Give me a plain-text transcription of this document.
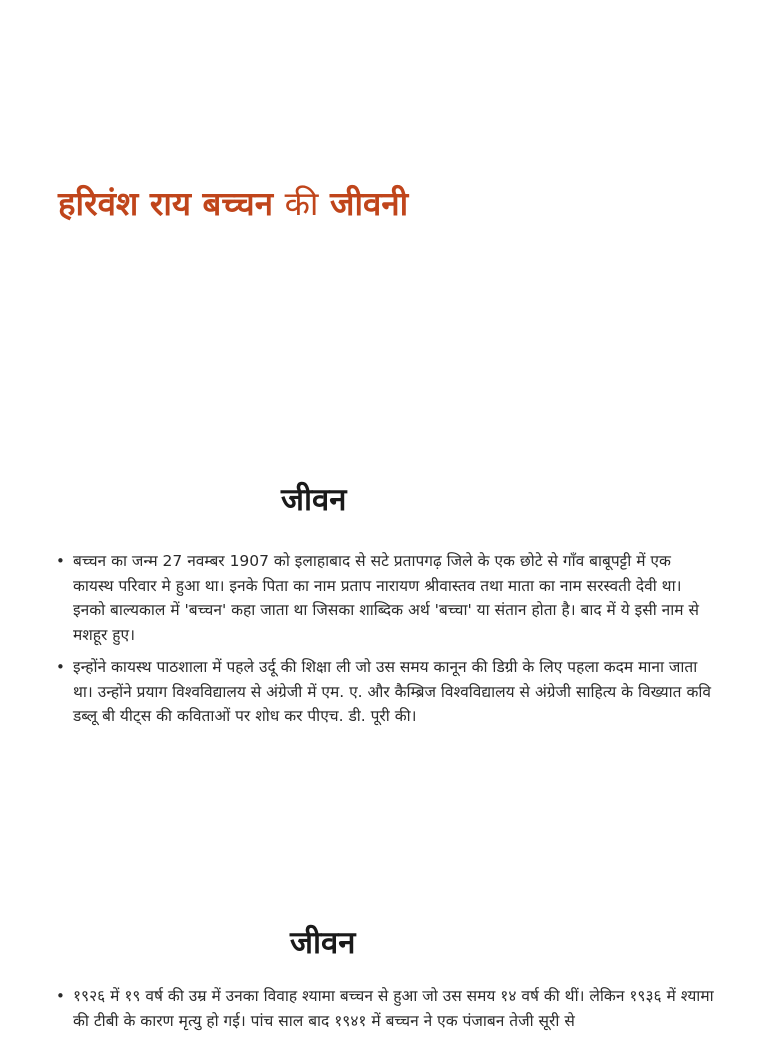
हरिवंश राय बच्चन की जीवनी
जीवन
• बच्चन का जन्म 27 नवम्बर 1907 को इलाहाबाद से सटे प्रतापगढ़ जिले के एक छोटे से गाँव बाबूपट्टी में एक कायस्थ परिवार मे हुआ था। इनके पिता का नाम प्रताप नारायण श्रीवास्तव तथा माता का नाम सरस्वती देवी था। इनको बाल्यकाल में 'बच्चन' कहा जाता था जिसका शाब्दिक अर्थ 'बच्चा' या संतान होता है। बाद में ये इसी नाम से मशहूर हुए।
• इन्होंने कायस्थ पाठशाला में पहले उर्दू की शिक्षा ली जो उस समय कानून की डिग्री के लिए पहला कदम माना जाता था। उन्होंने प्रयाग विश्वविद्यालय से अंग्रेजी में एम. ए. और कैम्ब्रिज विश्वविद्यालय से अंग्रेजी साहित्य के विख्यात कवि डब्लू बी यीट्स की कविताओं पर शोध कर पीएच. डी. पूरी की।
जीवन
• १९२६ में १९ वर्ष की उम्र में उनका विवाह श्यामा बच्चन से हुआ जो उस समय १४ वर्ष की थीं। लेकिन १९३६ में श्यामा की टीबी के कारण मृत्यु हो गई। पांच साल बाद १९४१ में बच्चन ने एक पंजाबन तेजी सूरी से
